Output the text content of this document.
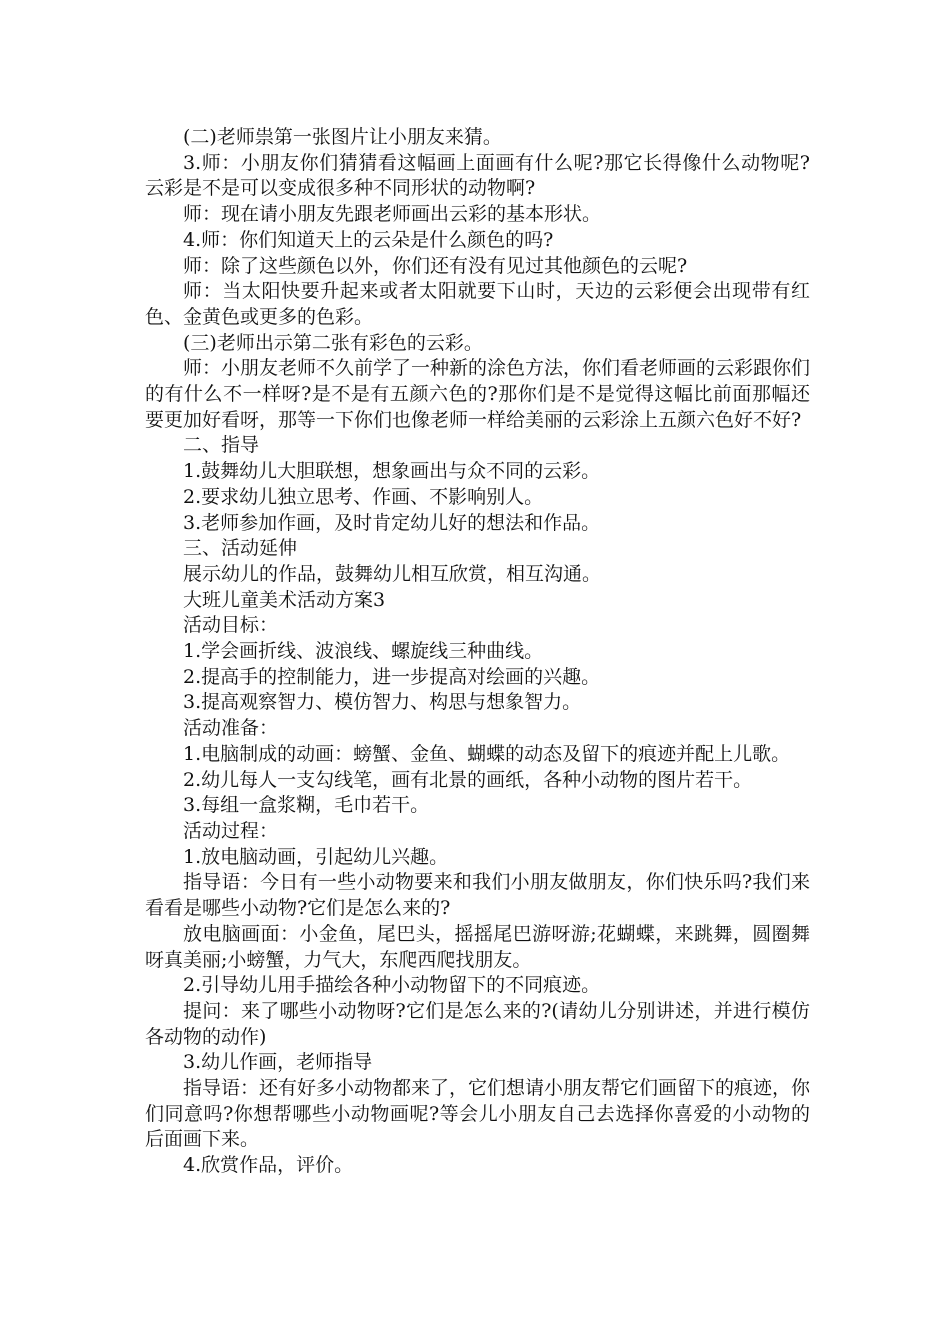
(二)老师祟第一张图片让小朋友来猜。

3.师：小朋友你们猜猜看这幅画上面画有什么呢?那它长得像什么动物呢?云彩是不是可以变成很多种不同形状的动物啊?

师：现在请小朋友先跟老师画出云彩的基本形状。

4.师：你们知道天上的云朵是什么颜色的吗?

师：除了这些颜色以外，你们还有没有见过其他颜色的云呢?

师：当太阳快要升起来或者太阳就要下山时，天边的云彩便会出现带有红色、金黄色或更多的色彩。

(三)老师出示第二张有彩色的云彩。

师：小朋友老师不久前学了一种新的涂色方法，你们看老师画的云彩跟你们的有什么不一样呀?是不是有五颜六色的?那你们是不是觉得这幅比前面那幅还要更加好看呀，那等一下你们也像老师一样给美丽的云彩涂上五颜六色好不好?

二、指导

1.鼓舞幼儿大胆联想，想象画出与众不同的云彩。

2.要求幼儿独立思考、作画、不影响别人。

3.老师参加作画，及时肯定幼儿好的想法和作品。

三、活动延伸

展示幼儿的作品，鼓舞幼儿相互欣赏，相互沟通。

大班儿童美术活动方案3

活动目标：

1.学会画折线、波浪线、螺旋线三种曲线。

2.提高手的控制能力，进一步提高对绘画的兴趣。

3.提高观察智力、模仿智力、构思与想象智力。

活动准备：

1.电脑制成的动画：螃蟹、金鱼、蝴蝶的动态及留下的痕迹并配上儿歌。

2.幼儿每人一支勾线笔，画有北景的画纸，各种小动物的图片若干。

3.每组一盒浆糊，毛巾若干。

活动过程：

1.放电脑动画，引起幼儿兴趣。

指导语：今日有一些小动物要来和我们小朋友做朋友，你们快乐吗?我们来看看是哪些小动物?它们是怎么来的?

放电脑画面：小金鱼，尾巴头，摇摇尾巴游呀游;花蝴蝶，来跳舞，圆圈舞呀真美丽;小螃蟹，力气大，东爬西爬找朋友。

2.引导幼儿用手描绘各种小动物留下的不同痕迹。

提问：来了哪些小动物呀?它们是怎么来的?(请幼儿分别讲述，并进行模仿各动物的动作)

3.幼儿作画，老师指导

指导语：还有好多小动物都来了，它们想请小朋友帮它们画留下的痕迹，你们同意吗?你想帮哪些小动物画呢?等会儿小朋友自己去选择你喜爱的小动物的后面画下来。

4.欣赏作品，评价。
